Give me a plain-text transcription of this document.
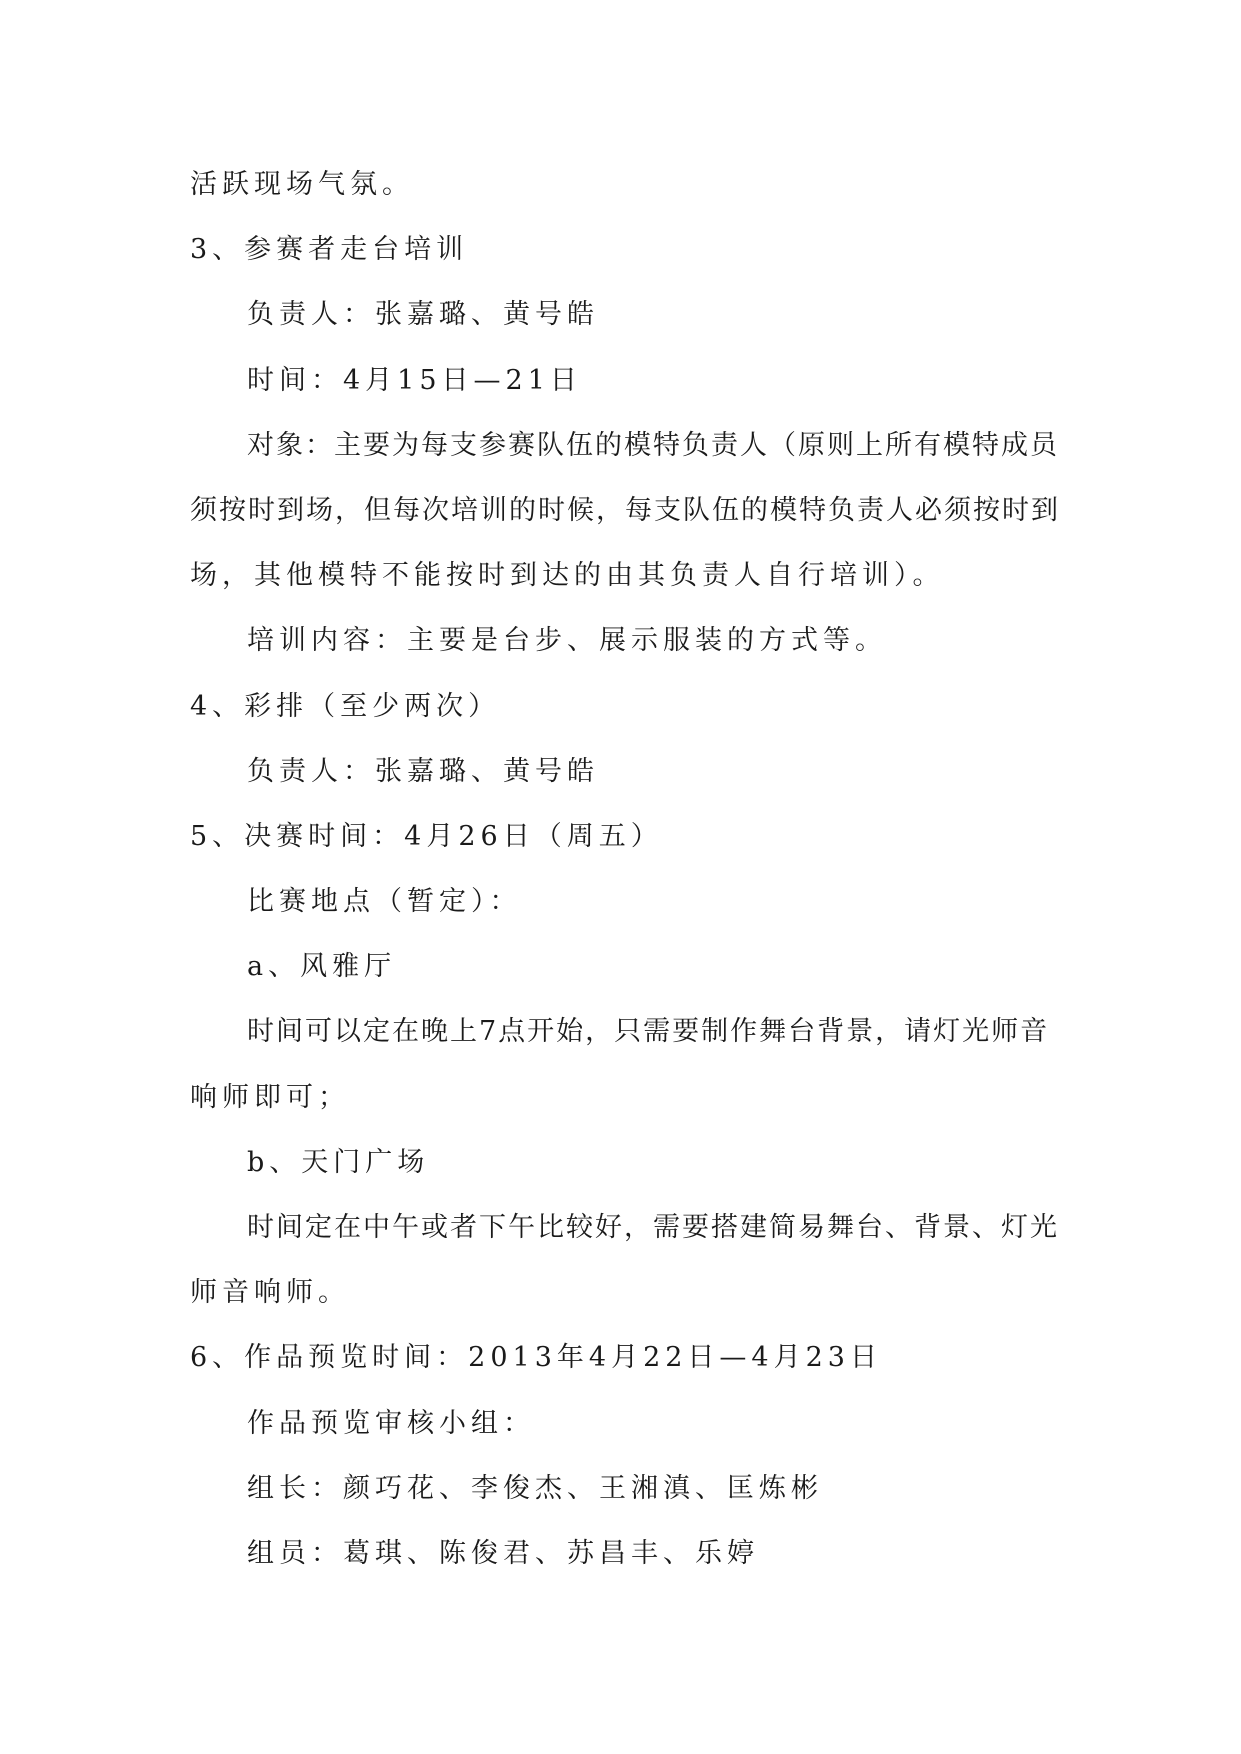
活跃现场气氛。

3、参赛者走台培训

负责人：张嘉璐、黄号皓

时间：4月15日—21日

对象：主要为每支参赛队伍的模特负责人（原则上所有模特成员

须按时到场，但每次培训的时候，每支队伍的模特负责人必须按时到

场，其他模特不能按时到达的由其负责人自行培训）。

培训内容：主要是台步、展示服装的方式等。

4、彩排（至少两次）

负责人：张嘉璐、黄号皓

5、决赛时间：4月26日（周五）

比赛地点（暂定）：

a、风雅厅

时间可以定在晚上7点开始，只需要制作舞台背景，请灯光师音

响师即可；

b、天门广场

时间定在中午或者下午比较好，需要搭建简易舞台、背景、灯光

师音响师。

6、作品预览时间：2013年4月22日—4月23日

作品预览审核小组：

组长：颜巧花、李俊杰、王湘滇、匡炼彬

组员：葛琪、陈俊君、苏昌丰、乐婷
